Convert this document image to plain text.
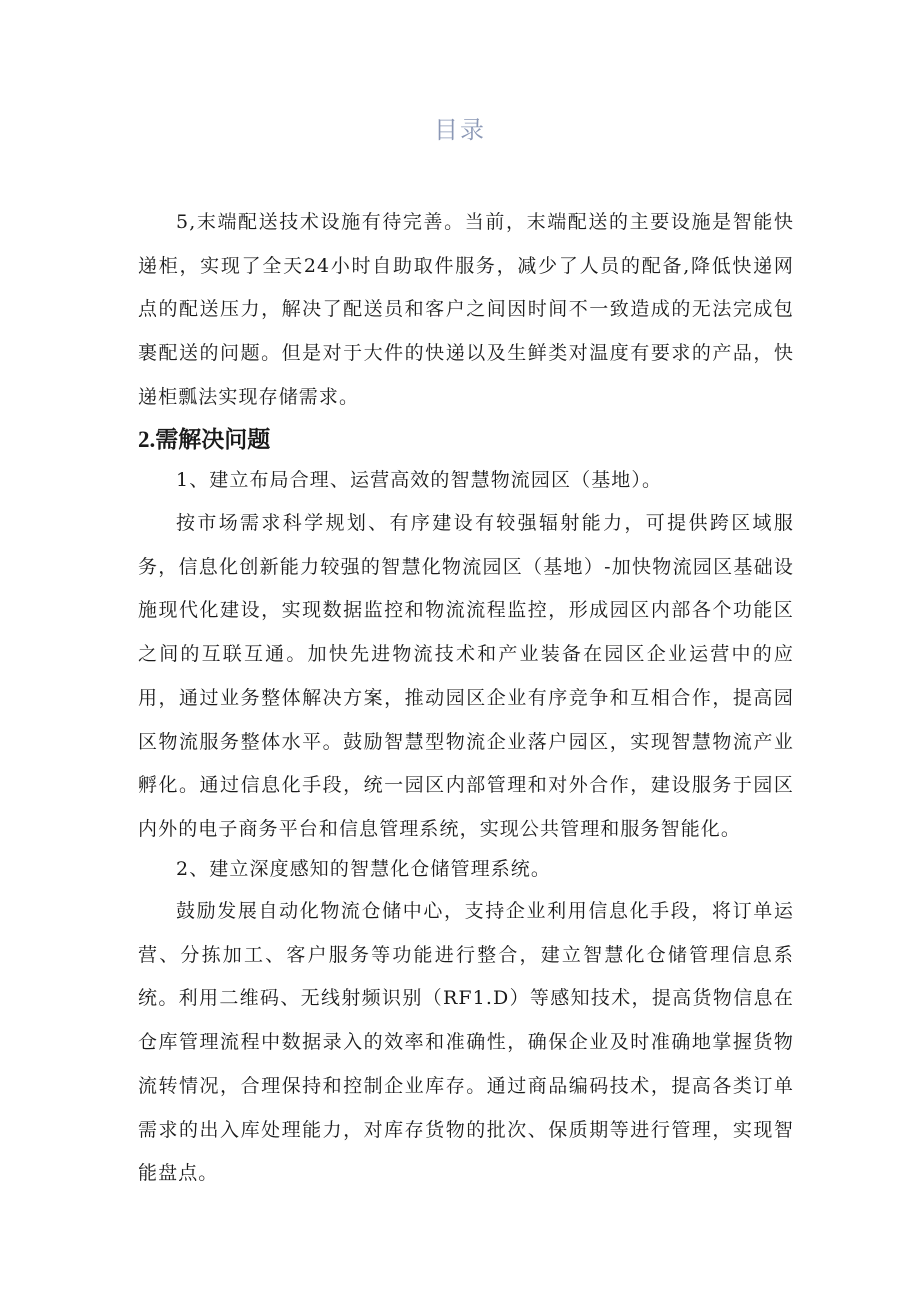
目录

5,末端配送技术设施有待完善。当前，末端配送的主要设施是智能快递柜，实现了全天24小时自助取件服务，减少了人员的配备,降低快递网点的配送压力，解决了配送员和客户之间因时间不一致造成的无法完成包裹配送的问题。但是对于大件的快递以及生鲜类对温度有要求的产品，快递柜瓢法实现存储需求。

2.需解决问题

1、建立布局合理、运营高效的智慧物流园区（基地）。

按市场需求科学规划、有序建设有较强辐射能力，可提供跨区域服务，信息化创新能力较强的智慧化物流园区（基地）-加快物流园区基础设施现代化建设，实现数据监控和物流流程监控，形成园区内部各个功能区之间的互联互通。加快先进物流技术和产业装备在园区企业运营中的应用，通过业务整体解决方案，推动园区企业有序竞争和互相合作，提高园区物流服务整体水平。鼓励智慧型物流企业落户园区，实现智慧物流产业孵化。通过信息化手段，统一园区内部管理和对外合作，建设服务于园区内外的电子商务平台和信息管理系统，实现公共管理和服务智能化。

2、建立深度感知的智慧化仓储管理系统。

鼓励发展自动化物流仓储中心，支持企业利用信息化手段，将订单运营、分拣加工、客户服务等功能进行整合，建立智慧化仓储管理信息系统。利用二维码、无线射频识别（RF1.D）等感知技术，提高货物信息在仓库管理流程中数据录入的效率和准确性，确保企业及时准确地掌握货物流转情况，合理保持和控制企业库存。通过商品编码技术，提高各类订单需求的出入库处理能力，对库存货物的批次、保质期等进行管理，实现智能盘点。
